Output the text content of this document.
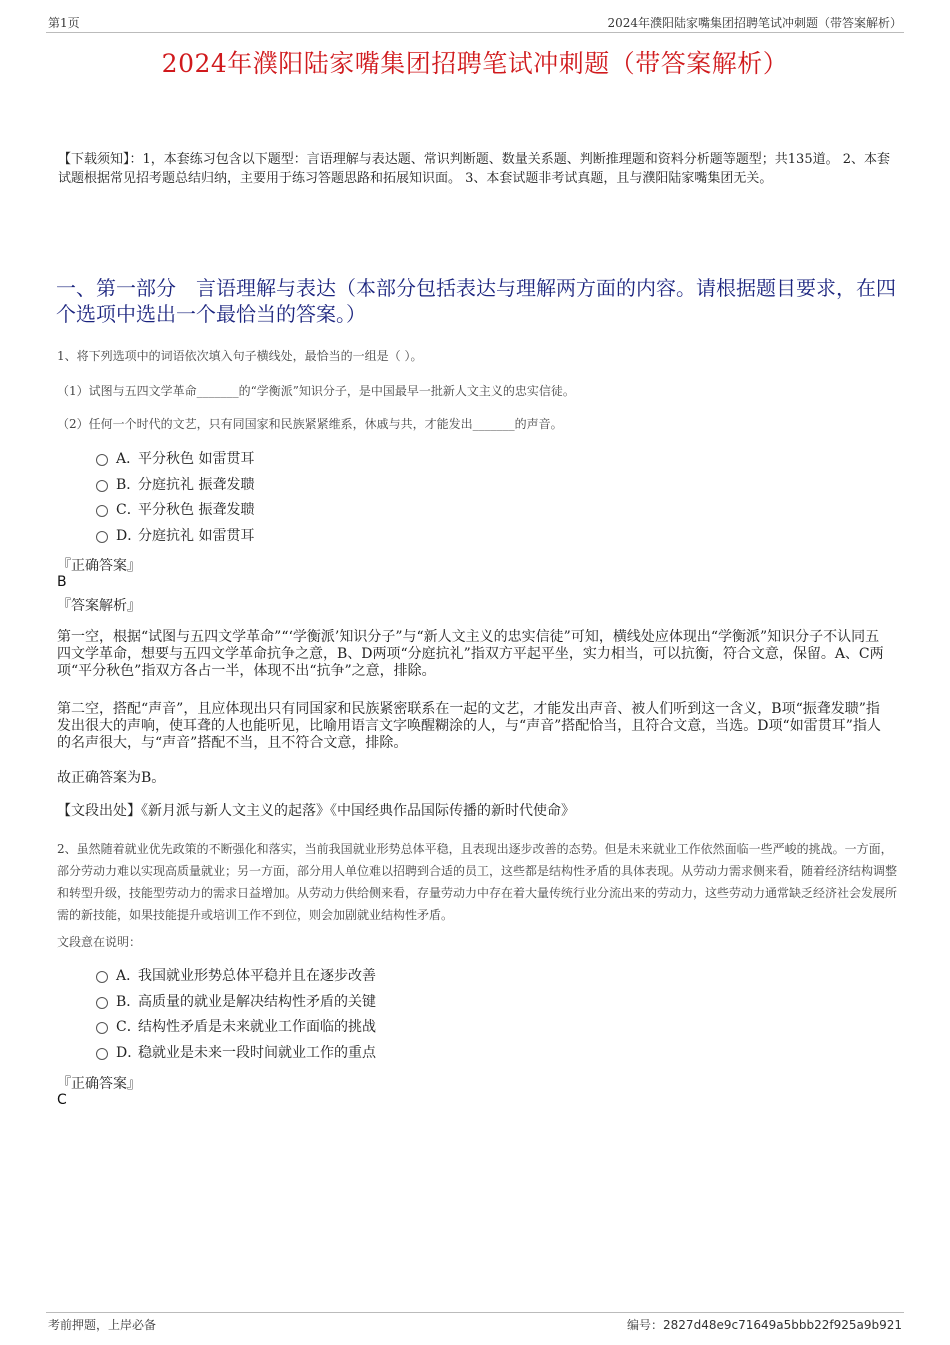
第1页	2024年濮阳陆家嘴集团招聘笔试冲刺题（带答案解析）
2024年濮阳陆家嘴集团招聘笔试冲刺题（带答案解析）
【下载须知】：1，本套练习包含以下题型：言语理解与表达题、常识判断题、数量关系题、判断推理题和资料分析题等题型；共135道。 2、本套试题根据常见招考题总结归纳，主要用于练习答题思路和拓展知识面。 3、本套试题非考试真题，且与濮阳陆家嘴集团无关。
一、第一部分　言语理解与表达（本部分包括表达与理解两方面的内容。请根据题目要求，在四个选项中选出一个最恰当的答案。）
1、将下列选项中的词语依次填入句子横线处，最恰当的一组是（ ）。
（1）试图与五四文学革命_______的“学衡派”知识分子，是中国最早一批新人文主义的忠实信徒。
（2）任何一个时代的文艺，只有同国家和民族紧紧维系，休戚与共，才能发出_______的声音。
A．平分秋色 如雷贯耳
B．分庭抗礼 振聋发聩
C．平分秋色 振聋发聩
D．分庭抗礼 如雷贯耳
『正确答案』
B
『答案解析』
第一空，根据“试图与五四文学革命”“‘学衡派’知识分子”与“新人文主义的忠实信徒”可知，横线处应体现出“学衡派”知识分子不认同五四文学革命，想要与五四文学革命抗争之意，B、D两项“分庭抗礼”指双方平起平坐，实力相当，可以抗衡，符合文意，保留。A、C两项“平分秋色”指双方各占一半，体现不出“抗争”之意，排除。
第二空，搭配“声音”，且应体现出只有同国家和民族紧密联系在一起的文艺，才能发出声音、被人们听到这一含义，B项“振聋发聩”指发出很大的声响，使耳聋的人也能听见，比喻用语言文字唤醒糊涂的人，与“声音”搭配恰当，且符合文意，当选。D项“如雷贯耳”指人的名声很大，与“声音”搭配不当，且不符合文意，排除。
故正确答案为B。
【文段出处】《新月派与新人文主义的起落》《中国经典作品国际传播的新时代使命》
2、虽然随着就业优先政策的不断强化和落实，当前我国就业形势总体平稳，且表现出逐步改善的态势。但是未来就业工作依然面临一些严峻的挑战。一方面，部分劳动力难以实现高质量就业；另一方面，部分用人单位难以招聘到合适的员工，这些都是结构性矛盾的具体表现。从劳动力需求侧来看，随着经济结构调整和转型升级，技能型劳动力的需求日益增加。从劳动力供给侧来看，存量劳动力中存在着大量传统行业分流出来的劳动力，这些劳动力通常缺乏经济社会发展所需的新技能，如果技能提升或培训工作不到位，则会加剧就业结构性矛盾。
文段意在说明：
A．我国就业形势总体平稳并且在逐步改善
B．高质量的就业是解决结构性矛盾的关键
C．结构性矛盾是未来就业工作面临的挑战
D．稳就业是未来一段时间就业工作的重点
『正确答案』
C
考前押题，上岸必备	编号：2827d48e9c71649a5bbb22f925a9b921
